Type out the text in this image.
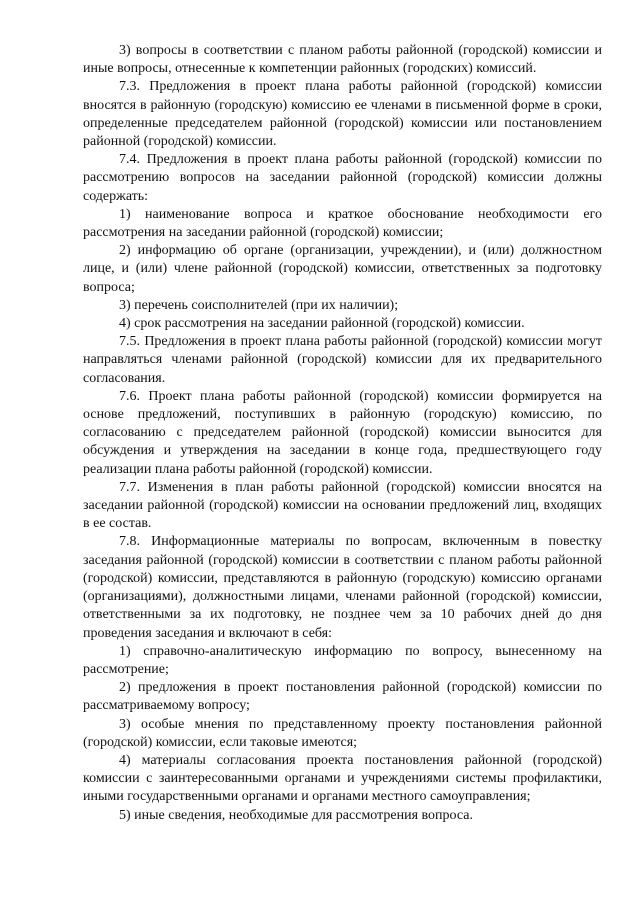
3) вопросы в соответствии с планом работы районной (городской) комиссии и иные вопросы, отнесенные к компетенции районных (городских) комиссий.

7.3. Предложения в проект плана работы районной (городской) комиссии вносятся в районную (городскую) комиссию ее членами в письменной форме в сроки, определенные председателем районной (городской) комиссии или постановлением районной (городской) комиссии.

7.4. Предложения в проект плана работы районной (городской) комиссии по рассмотрению вопросов на заседании районной (городской) комиссии должны содержать:

1) наименование вопроса и краткое обоснование необходимости его рассмотрения на заседании районной (городской) комиссии;

2) информацию об органе (организации, учреждении), и (или) должностном лице, и (или) члене районной (городской) комиссии, ответственных за подготовку вопроса;

3) перечень соисполнителей (при их наличии);

4) срок рассмотрения на заседании районной (городской) комиссии.

7.5. Предложения в проект плана работы районной (городской) комиссии могут направляться членами районной (городской) комиссии для их предварительного согласования.

7.6. Проект плана работы районной (городской) комиссии формируется на основе предложений, поступивших в районную (городскую) комиссию, по согласованию с председателем районной (городской) комиссии выносится для обсуждения и утверждения на заседании в конце года, предшествующего году реализации плана работы районной (городской) комиссии.

7.7. Изменения в план работы районной (городской) комиссии вносятся на заседании районной (городской) комиссии на основании предложений лиц, входящих в ее состав.

7.8. Информационные материалы по вопросам, включенным в повестку заседания районной (городской) комиссии в соответствии с планом работы районной (городской) комиссии, представляются в районную (городскую) комиссию органами (организациями), должностными лицами, членами районной (городской) комиссии, ответственными за их подготовку, не позднее чем за 10 рабочих дней до дня проведения заседания и включают в себя:

1) справочно-аналитическую информацию по вопросу, вынесенному на рассмотрение;

2) предложения в проект постановления районной (городской) комиссии по рассматриваемому вопросу;

3) особые мнения по представленному проекту постановления районной (городской) комиссии, если таковые имеются;

4) материалы согласования проекта постановления районной (городской) комиссии с заинтересованными органами и учреждениями системы профилактики, иными государственными органами и органами местного самоуправления;

5) иные сведения, необходимые для рассмотрения вопроса.
